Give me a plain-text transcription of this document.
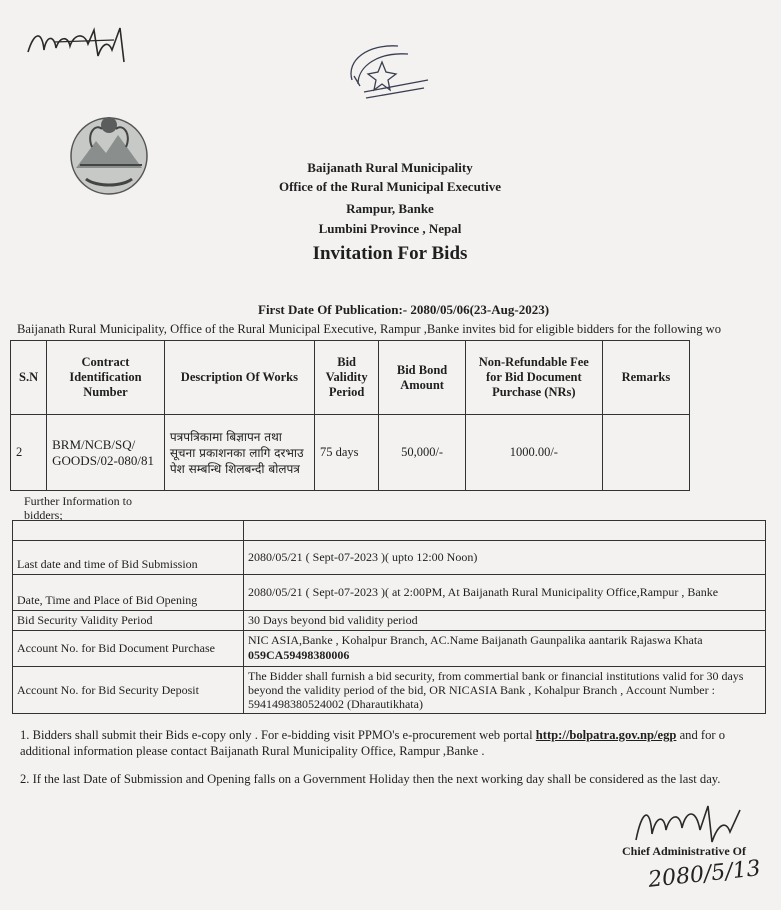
Baijanath Rural Municipality
Office of the Rural Municipal Executive
Rampur, Banke
Lumbini Province , Nepal
Invitation For Bids
First Date Of Publication:- 2080/05/06(23-Aug-2023)
Baijanath Rural Municipality, Office of the Rural Municipal Executive, Rampur ,Banke invites bid for eligible bidders for the following wo
S.N	Contract Identification Number	Description Of Works	Bid Validity Period	Bid Bond Amount	Non-Refundable Fee for Bid Document Purchase (NRs)	Remarks
2	BRM/NCB/SQ/ GOODS/02-080/81	पत्रपत्रिकामा बिज्ञापन तथा सूचना प्रकाशनका लागि दरभाउ पेश सम्बन्धि शिलबन्दी बोलपत्र	75 days	50,000/-	1000.00/-	
Further Information to bidders;

Last date and time of Bid Submission	2080/05/21 ( Sept-07-2023 )( upto 12:00 Noon)
Date, Time and Place of Bid Opening	2080/05/21 ( Sept-07-2023 )( at 2:00PM, At Baijanath Rural Municipality Office,Rampur , Banke
Bid Security Validity Period	30 Days beyond bid validity period
Account No. for Bid Document Purchase	NIC ASIA,Banke , Kohalpur Branch, AC.Name Baijanath Gaunpalika aantarik Rajaswa Khata
059CA59498380006

Account No. for Bid Security Deposit	The Bidder shall furnish a bid security, from commertial bank or financial institutions valid for 30 days beyond the validity period of the bid, OR NICASIA Bank , Kohalpur Branch , Account Number : 5941498380524002 (Dharautikhata)
1. Bidders shall submit their Bids e-copy only . For e-bidding visit PPMO's e-procurement web portal http://bolpatra.gov.np/egp and for o
additional information please contact Baijanath Rural Municipality Office, Rampur ,Banke .
2. If the last Date of Submission and Opening falls on a Government Holiday then the next working day shall be considered as the last day.
Chief Administrative Of
2080/5/13
